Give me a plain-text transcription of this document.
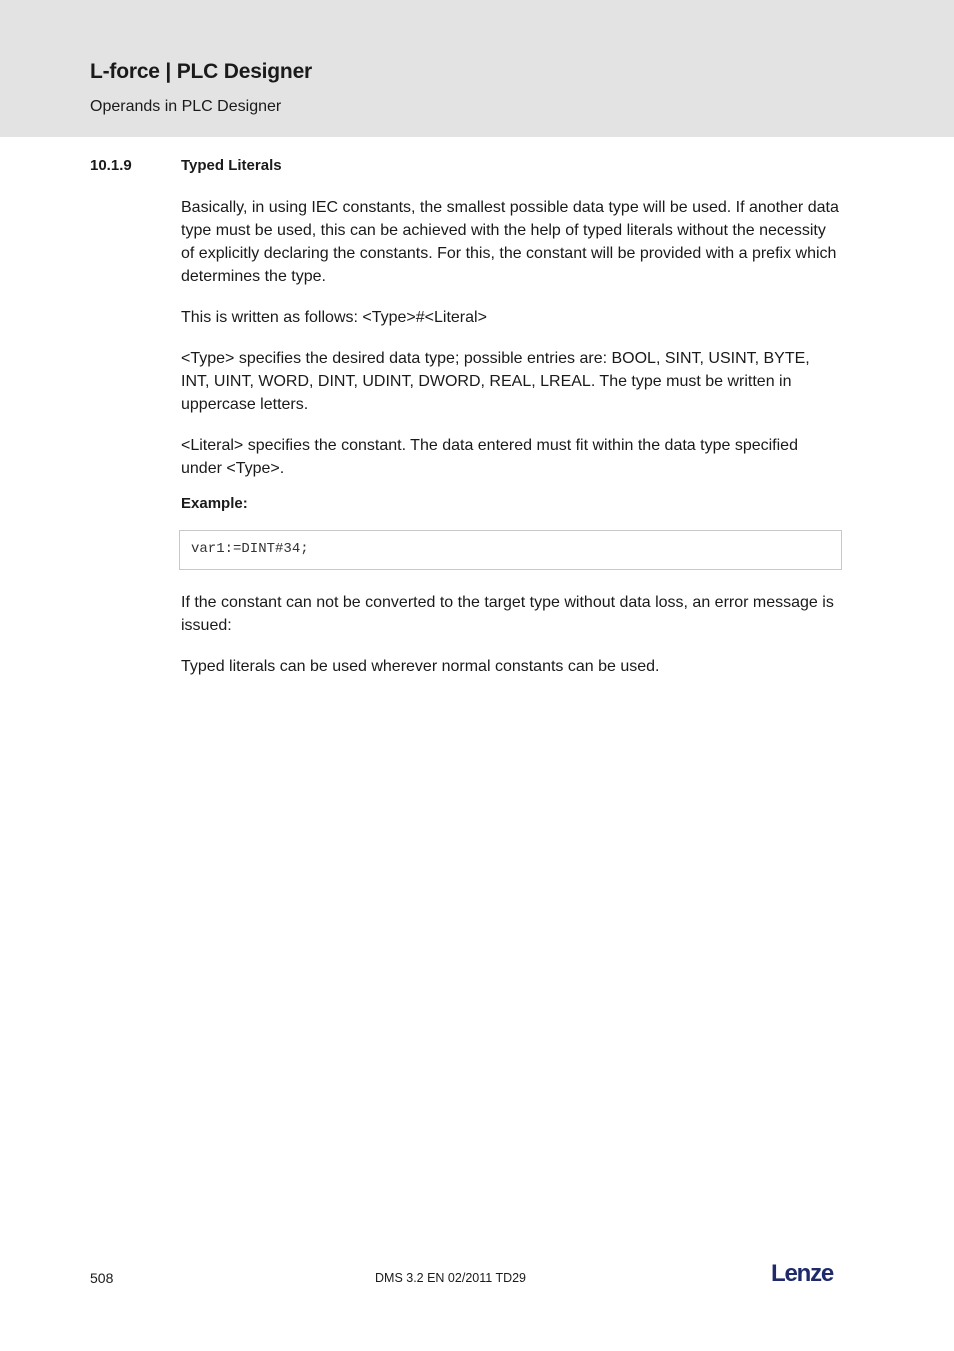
L-force | PLC Designer
Operands in PLC Designer
10.1.9	Typed Literals

Basically, in using IEC constants, the smallest possible data type will be used. If another data type must be used, this can be achieved with the help of typed literals without the necessity of explicitly declaring the constants. For this, the constant will be provided with a prefix which determines the type.

This is written as follows: <Type>#<Literal>

<Type> specifies the desired data type; possible entries are: BOOL, SINT, USINT, BYTE, INT, UINT, WORD, DINT, UDINT, DWORD, REAL, LREAL. The type must be written in uppercase letters.

<Literal> specifies the constant. The data entered must fit within the data type specified under <Type>.

Example:
var1:=DINT#34;

If the constant can not be converted to the target type without data loss, an error message is issued:

Typed literals can be used wherever normal constants can be used.

508	DMS 3.2 EN 02/2011 TD29	Lenze
